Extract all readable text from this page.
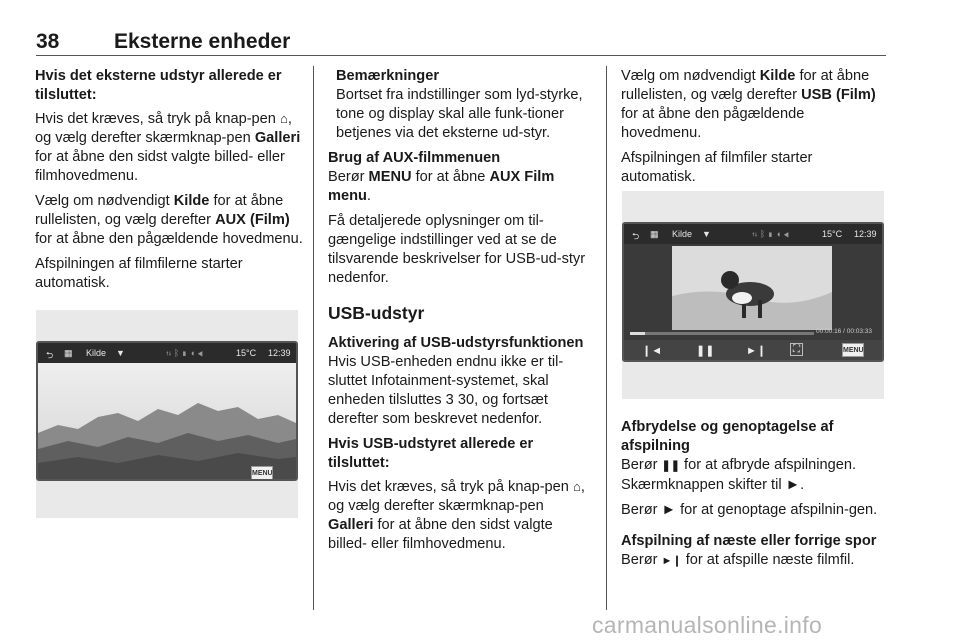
38	Eksterne enheder
Hvis det eksterne udstyr allerede er tilsluttet:

Hvis det kræves, så tryk på knap-pen ⌂, og vælg derefter skærmknap-pen Galleri for at åbne den sidst valgte billed- eller filmhovedmenu.

Vælg om nødvendigt Kilde for at åbne rullelisten, og vælg derefter AUX (Film) for at åbne den pågældende hovedmenu.

Afspilningen af filmfilerne starter automatisk.

⮌ ▦ Kilde ▼	⇅ ᛒ ▮ ◖ ◀	15°C 12:39
MENU

Bemærkninger

Bortset fra indstillinger som lyd-styrke, tone og display skal alle funk-tioner betjenes via det eksterne ud-styr.

Brug af AUX-filmmenuen

Berør MENU for at åbne AUX Film menu.

Få detaljerede oplysninger om til-gængelige indstillinger ved at se de tilsvarende beskrivelser for USB-ud-styr nedenfor.

USB-udstyr
Aktivering af USB-udstyrsfunktionen

Hvis USB-enheden endnu ikke er til-sluttet Infotainment-systemet, skal enheden tilsluttes 3 30, og fortsæt derefter som beskrevet nedenfor.

Hvis USB-udstyret allerede er tilsluttet:

Hvis det kræves, så tryk på knap-pen ⌂, og vælg derefter skærmknap-pen Galleri for at åbne den sidst valgte billed- eller filmhovedmenu.

Vælg om nødvendigt Kilde for at åbne rullelisten, og vælg derefter USB (Film) for at åbne den pågældende hovedmenu.

Afspilningen af filmfiler starter automatisk.

⮌ ▦ Kilde ▼	⇅ ᛒ ▮ ◖ ◀	15°C 12:39
00:00:16 / 00:03:33
❙◄	❚❚	►❙	⛶	MENU
Afbrydelse og genoptagelse af afspilning

Berør ❚❚ for at afbryde afspilningen. Skærmknappen skifter til ►.

Berør ► for at genoptage afspilnin-gen.

Afspilning af næste eller forrige spor

Berør ►❙ for at afspille næste filmfil.

carmanualsonline.info
